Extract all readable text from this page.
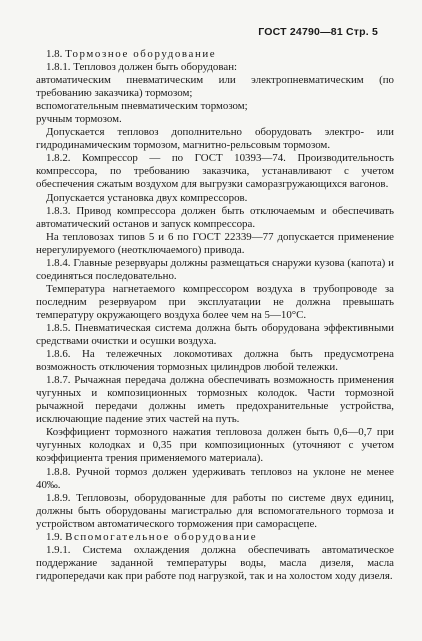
ГОСТ 24790—81 Стр. 5

1.8. Тормозное оборудование

1.8.1. Тепловоз должен быть оборудован:

автоматическим пневматическим или электропневматическим (по требованию заказчика) тормозом;

вспомогательным пневматическим тормозом;

ручным тормозом.

Допускается тепловоз дополнительно оборудовать электро- или гидродинамическим тормозом, магнитно-рельсовым тормозом.

1.8.2. Компрессор — по ГОСТ 10393—74. Производительность компрессора, по требованию заказчика, устанавливают с учетом обеспечения сжатым воздухом для выгрузки саморазгружающихся вагонов.

Допускается установка двух компрессоров.

1.8.3. Привод компрессора должен быть отключаемым и обеспечивать автоматический останов и запуск компрессора.

На тепловозах типов 5 и 6 по ГОСТ 22339—77 допускается применение нерегулируемого (неотключаемого) привода.

1.8.4. Главные резервуары должны размещаться снаружи кузова (капота) и соединяться последовательно.

Температура нагнетаемого компрессором воздуха в трубопроводе за последним резервуаром при эксплуатации не должна превышать температуру окружающего воздуха более чем на 5—10°С.

1.8.5. Пневматическая система должна быть оборудована эффективными средствами очистки и осушки воздуха.

1.8.6. На тележечных локомотивах должна быть предусмотрена возможность отключения тормозных цилиндров любой тележки.

1.8.7. Рычажная передача должна обеспечивать возможность применения чугунных и композиционных тормозных колодок. Части тормозной рычажной передачи должны иметь предохранительные устройства, исключающие падение этих частей на путь.

Коэффициент тормозного нажатия тепловоза должен быть 0,6—0,7 при чугунных колодках и 0,35 при композиционных (уточняют с учетом коэффициента трения применяемого материала).

1.8.8. Ручной тормоз должен удерживать тепловоз на уклоне не менее 40‰.

1.8.9. Тепловозы, оборудованные для работы по системе двух единиц, должны быть оборудованы магистралью для вспомогательного тормоза и устройством автоматического торможения при саморасцепе.

1.9. Вспомогательное оборудование

1.9.1. Система охлаждения должна обеспечивать автоматическое поддержание заданной температуры воды, масла дизеля, масла гидропередачи как при работе под нагрузкой, так и на холостом ходу дизеля.
